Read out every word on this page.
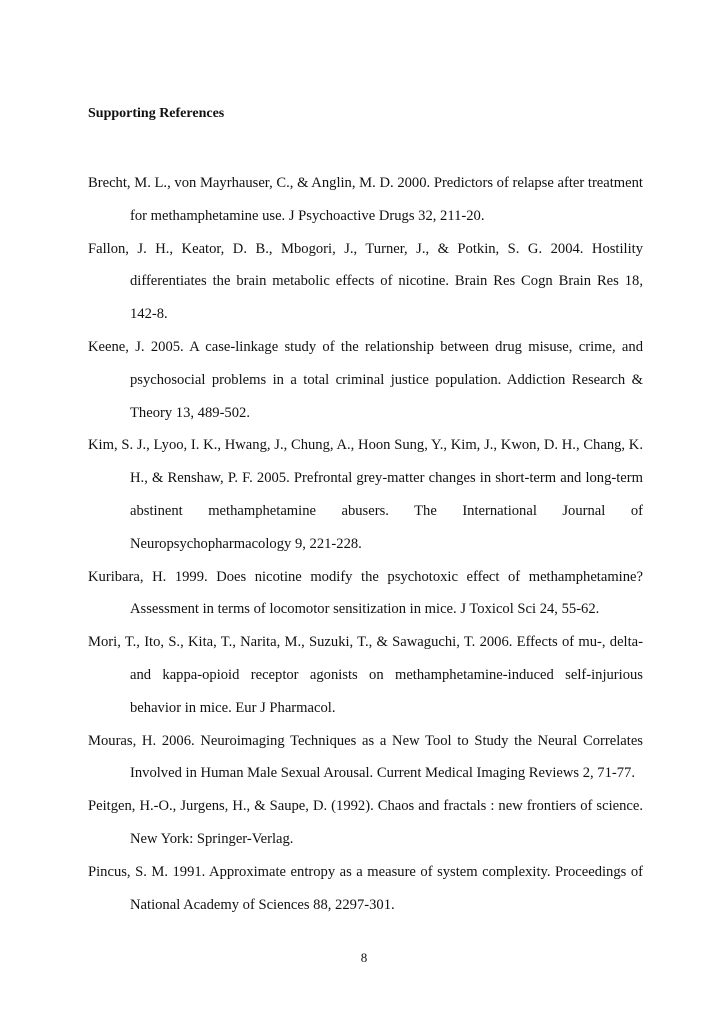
Supporting References

Brecht, M. L., von Mayrhauser, C., & Anglin, M. D. 2000. Predictors of relapse after treatment for methamphetamine use. J Psychoactive Drugs 32, 211-20.

Fallon, J. H., Keator, D. B., Mbogori, J., Turner, J., & Potkin, S. G. 2004. Hostility differentiates the brain metabolic effects of nicotine. Brain Res Cogn Brain Res 18, 142-8.

Keene, J. 2005. A case-linkage study of the relationship between drug misuse, crime, and psychosocial problems in a total criminal justice population. Addiction Research & Theory 13, 489-502.

Kim, S. J., Lyoo, I. K., Hwang, J., Chung, A., Hoon Sung, Y., Kim, J., Kwon, D. H., Chang, K. H., & Renshaw, P. F. 2005. Prefrontal grey-matter changes in short-term and long-term abstinent methamphetamine abusers. The International Journal of Neuropsychopharmacology 9, 221-228.

Kuribara, H. 1999. Does nicotine modify the psychotoxic effect of methamphetamine? Assessment in terms of locomotor sensitization in mice. J Toxicol Sci 24, 55-62.

Mori, T., Ito, S., Kita, T., Narita, M., Suzuki, T., & Sawaguchi, T. 2006. Effects of mu-, delta- and kappa-opioid receptor agonists on methamphetamine-induced self-injurious behavior in mice. Eur J Pharmacol.

Mouras, H. 2006. Neuroimaging Techniques as a New Tool to Study the Neural Correlates Involved in Human Male Sexual Arousal. Current Medical Imaging Reviews 2, 71-77.

Peitgen, H.-O., Jurgens, H., & Saupe, D. (1992). Chaos and fractals : new frontiers of science. New York: Springer-Verlag.

Pincus, S. M. 1991. Approximate entropy as a measure of system complexity. Proceedings of National Academy of Sciences 88, 2297-301.

8
